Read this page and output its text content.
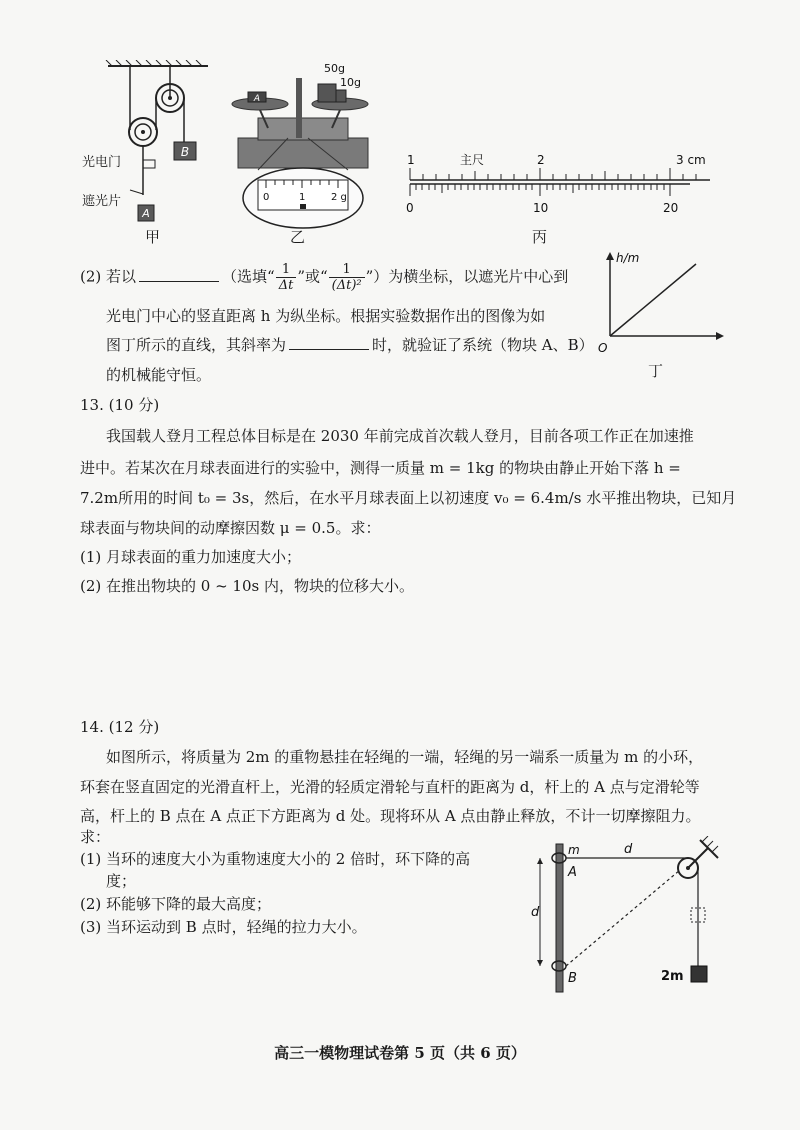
B
A
光电门
遮光片
甲
A
50g
10g
0	1	2 g
乙
1	主尺	2	3 cm
0	10	20
丙
(2) 若以	（选填“ $\frac{1}{\Delta t}$ ”或“ $\frac{1}{\text{(Δt)²}}$ ”）为横坐标，以遮光片中心到
光电门中心的竖直距离 h 为纵坐标。根据实验数据作出的图像为如
图丁所示的直线，其斜率为	时，就验证了系统（物块 A、B）
的机械能守恒。
h/m
O
丁
13. (10 分)
我国载人登月工程总体目标是在 2030 年前完成首次载人登月，目前各项工作正在加速推
进中。若某次在月球表面进行的实验中，测得一质量 m = 1kg 的物块由静止开始下落 h =
7.2m所用的时间 t₀ = 3s，然后，在水平月球表面上以初速度 v₀ = 6.4m/s 水平推出物块，已知月
球表面与物块间的动摩擦因数 μ = 0.5。求：
(1) 月球表面的重力加速度大小；
(2) 在推出物块的 0 ~ 10s 内，物块的位移大小。
14. (12 分)
如图所示，将质量为 2m 的重物悬挂在轻绳的一端，轻绳的另一端系一质量为 m 的小环，
环套在竖直固定的光滑直杆上，光滑的轻质定滑轮与直杆的距离为 d，杆上的 A 点与定滑轮等
高，杆上的 B 点在 A 点正下方距离为 d 处。现将环从 A 点由静止释放，不计一切摩擦阻力。
求：
(1) 当环的速度大小为重物速度大小的 2 倍时，环下降的高
度；
(2) 环能够下降的最大高度；
(3) 当环运动到 B 点时，轻绳的拉力大小。
m	d
A
d
B	2m
高三一模物理试卷第 5 页（共 6 页）
